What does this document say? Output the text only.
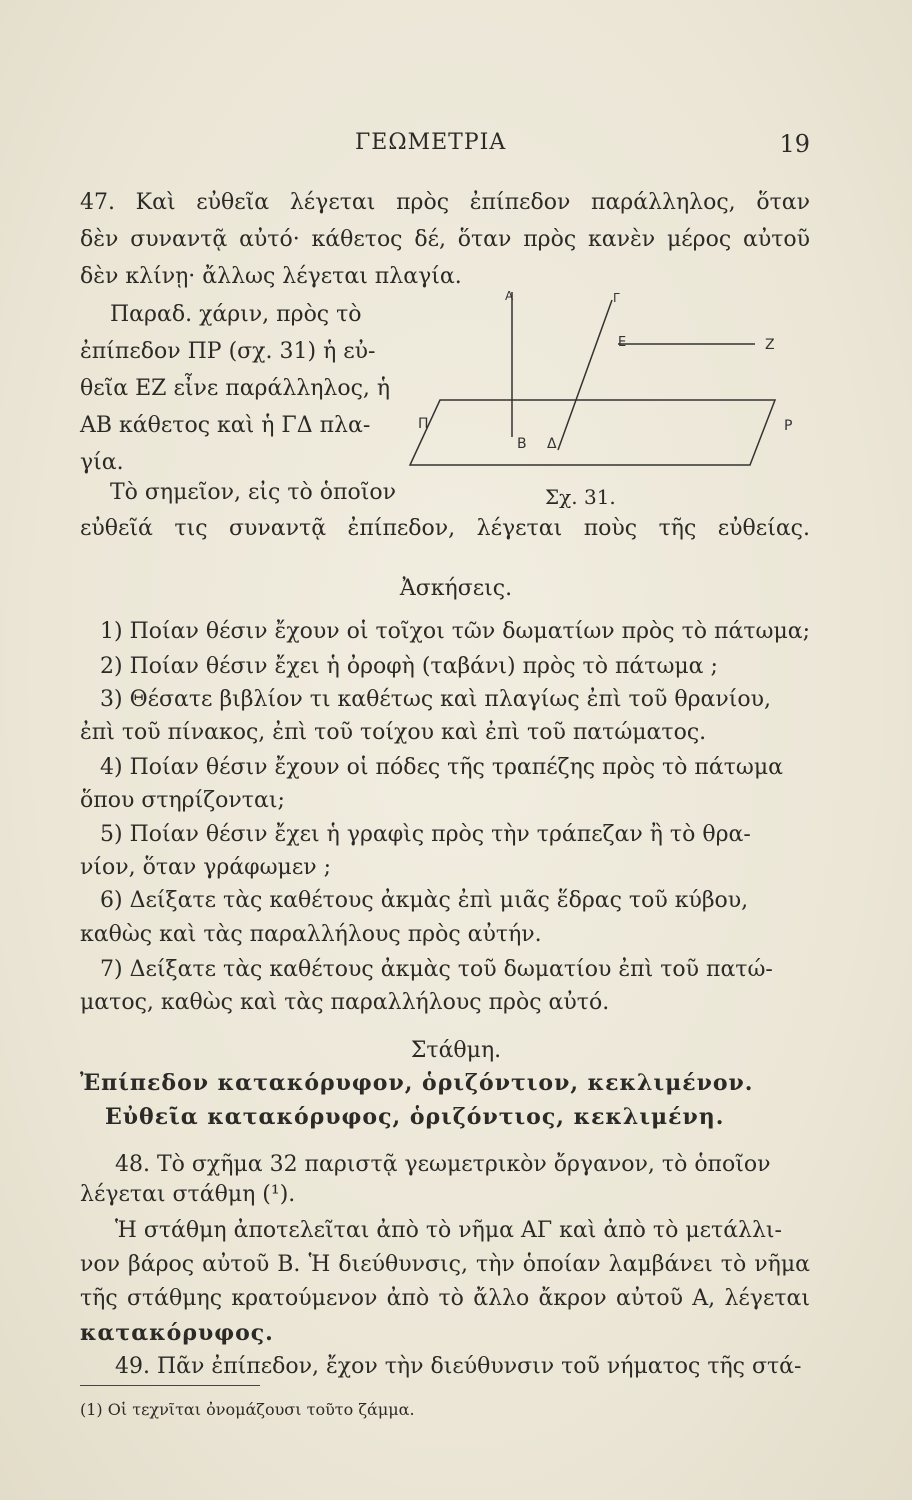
ΓΕΩΜΕΤΡΙΑ	19
47. Καὶ εὐθεῖα λέγεται πρὸς ἐπίπεδον παράλληλος, ὅταν
δὲν συναντᾷ αὐτό· κάθετος δέ, ὅταν πρὸς κανὲν μέρος αὐτοῦ
δὲν κλίνῃ· ἄλλως λέγεται πλαγία.
Παραδ. χάριν, πρὸς τὸ
ἐπίπεδον ΠΡ (σχ. 31) ἡ εὐ-
θεῖα ΕΖ εἶνε παράλληλος, ἡ
ΑΒ κάθετος καὶ ἡ ΓΔ πλα-
γία.
Τὸ σημεῖον, εἰς τὸ ὁποῖον
Α	Γ
Ε	Ζ
Π
Β Δ
Ρ
Σχ. 31.
εὐθεῖά τις συναντᾷ ἐπίπεδον, λέγεται ποὺς τῆς εὐθείας.
Ἀσκήσεις.
1) Ποίαν θέσιν ἔχουν οἱ τοῖχοι τῶν δωματίων πρὸς τὸ πάτωμα;
2) Ποίαν θέσιν ἔχει ἡ ὀροφὴ (ταβάνι) πρὸς τὸ πάτωμα ;
3) Θέσατε βιβλίον τι καθέτως καὶ πλαγίως ἐπὶ τοῦ θρανίου,
ἐπὶ τοῦ πίνακος, ἐπὶ τοῦ τοίχου καὶ ἐπὶ τοῦ πατώματος.
4) Ποίαν θέσιν ἔχουν οἱ πόδες τῆς τραπέζης πρὸς τὸ πάτωμα
ὅπου στηρίζονται;
5) Ποίαν θέσιν ἔχει ἡ γραφὶς πρὸς τὴν τράπεζαν ἢ τὸ θρα-
νίον, ὅταν γράφωμεν ;
6) Δείξατε τὰς καθέτους ἀκμὰς ἐπὶ μιᾶς ἕδρας τοῦ κύβου,
καθὼς καὶ τὰς παραλλήλους πρὸς αὐτήν.
7) Δείξατε τὰς καθέτους ἀκμὰς τοῦ δωματίου ἐπὶ τοῦ πατώ-
ματος, καθὼς καὶ τὰς παραλλήλους πρὸς αὐτό.
Στάθμη.
Ἐπίπεδον κατακόρυφον, ὁριζόντιον, κεκλιμένον.
Εὐθεῖα κατακόρυφος, ὁριζόντιος, κεκλιμένη.
48. Τὸ σχῆμα 32 παριστᾷ γεωμετρικὸν ὄργανον, τὸ ὁποῖον
λέγεται στάθμη (¹).
Ἡ στάθμη ἀποτελεῖται ἀπὸ τὸ νῆμα ΑΓ καὶ ἀπὸ τὸ μετάλλι-
νον βάρος αὐτοῦ Β. Ἡ διεύθυνσις, τὴν ὁποίαν λαμβάνει τὸ νῆμα
τῆς στάθμης κρατούμενον ἀπὸ τὸ ἄλλο ἄκρον αὐτοῦ Α, λέγεται
κατακόρυφος.
49. Πᾶν ἐπίπεδον, ἔχον τὴν διεύθυνσιν τοῦ νήματος τῆς στά-
(1) Οἱ τεχνῖται ὀνομάζουσι τοῦτο ζάμμα.
